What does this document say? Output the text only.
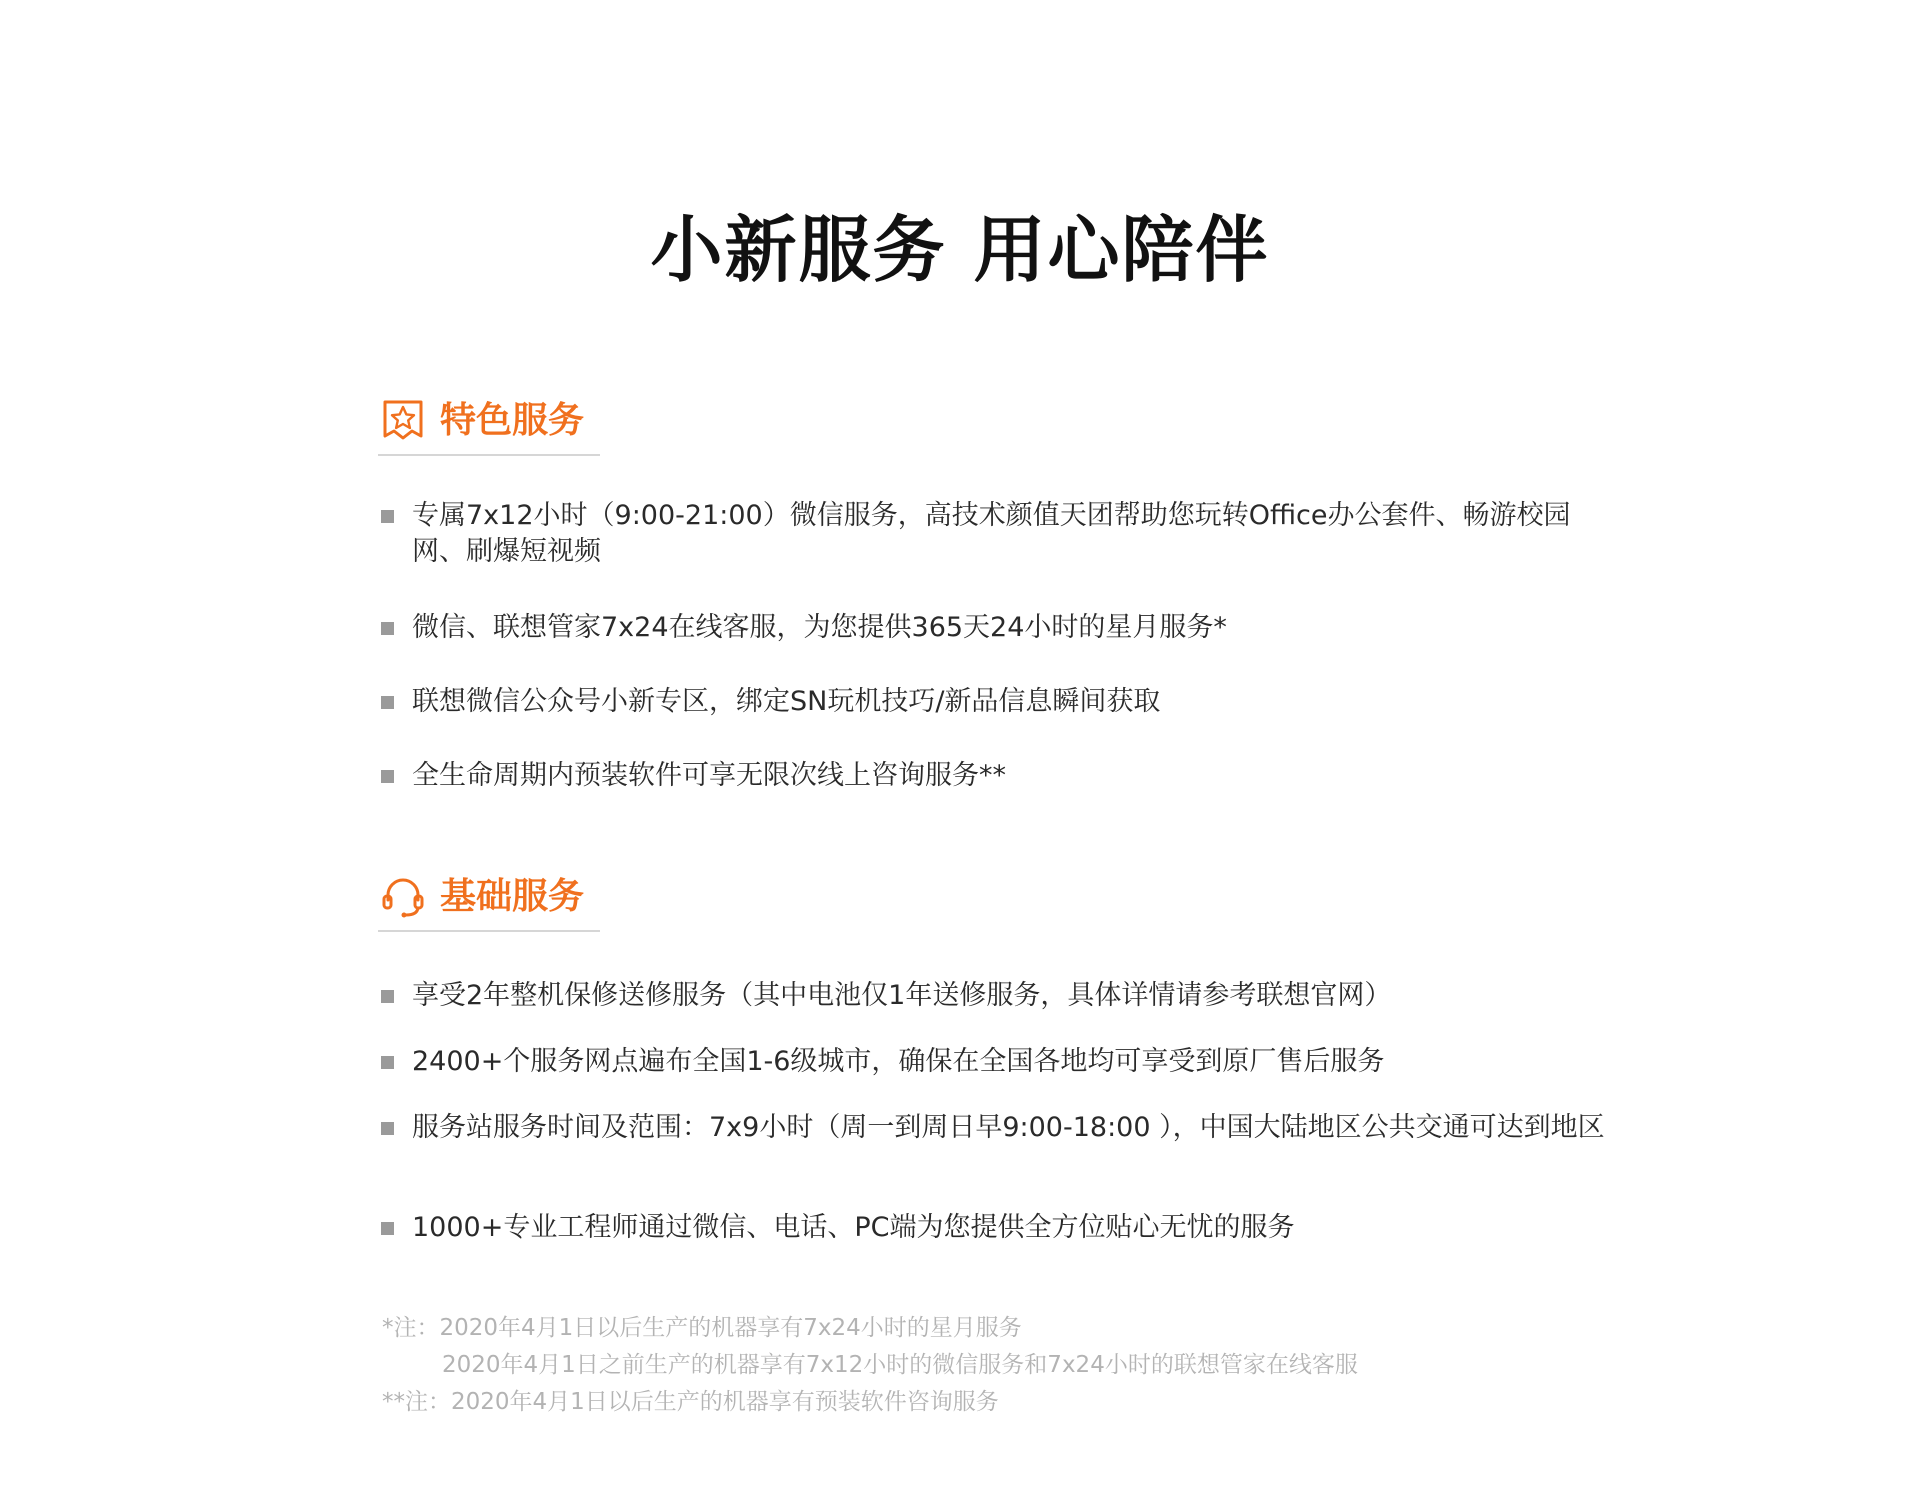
小新服务 用心陪伴
特色服务
专属7x12小时（9:00-21:00）微信服务，高技术颜值天团帮助您玩转Office办公套件、畅游校园网、刷爆短视频
微信、联想管家7x24在线客服，为您提供365天24小时的星月服务*
联想微信公众号小新专区，绑定SN玩机技巧/新品信息瞬间获取
全生命周期内预装软件可享无限次线上咨询服务**
基础服务
享受2年整机保修送修服务（其中电池仅1年送修服务，具体详情请参考联想官网）
2400+个服务网点遍布全国1-6级城市，确保在全国各地均可享受到原厂售后服务
服务站服务时间及范围：7x9小时（周一到周日早9:00-18:00 ），中国大陆地区公共交通可达到地区
1000+专业工程师通过微信、电话、PC端为您提供全方位贴心无忧的服务
*注：2020年4月1日以后生产的机器享有7x24小时的星月服务
2020年4月1日之前生产的机器享有7x12小时的微信服务和7x24小时的联想管家在线客服
**注：2020年4月1日以后生产的机器享有预装软件咨询服务
